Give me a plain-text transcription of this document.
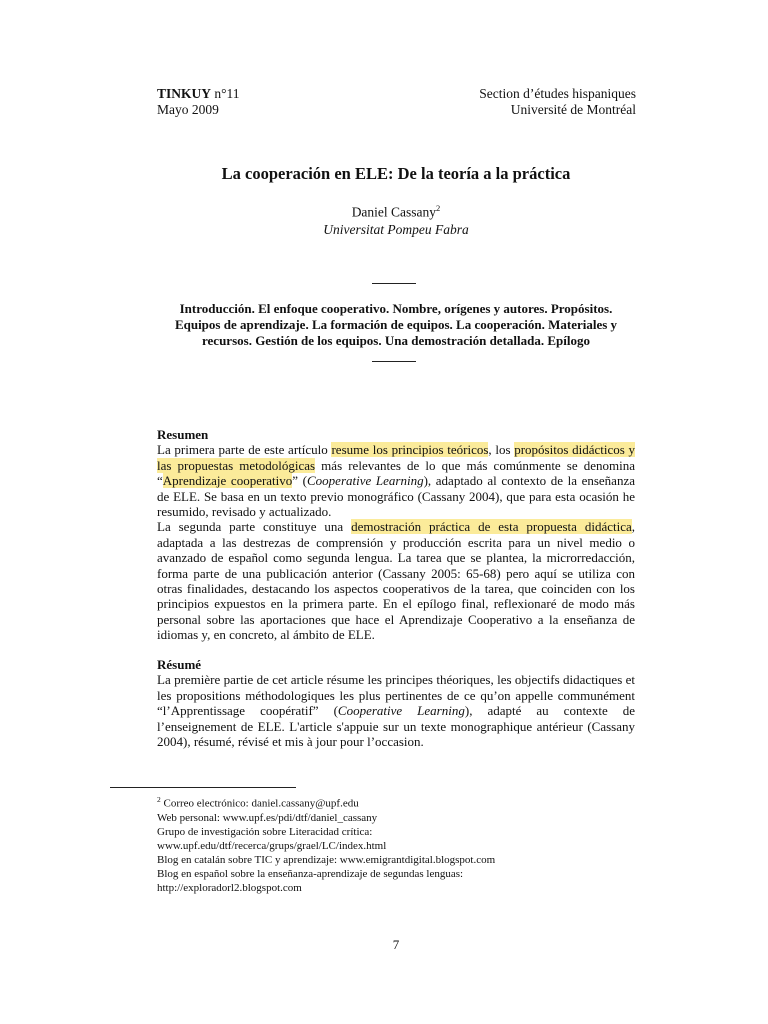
TINKUY n°11
Mayo 2009
Section d’études hispaniques
Université de Montréal
La cooperación en ELE: De la teoría a la práctica
Daniel Cassany$^2$
Universitat Pompeu Fabra
Introducción. El enfoque cooperativo. Nombre, orígenes y autores. Propósitos. Equipos de aprendizaje. La formación de equipos. La cooperación. Materiales y recursos. Gestión de los equipos. Una demostración detallada. Epílogo
Resumen

La primera parte de este artículo resume los principios teóricos, los propósitos didácticos y las propuestas metodológicas más relevantes de lo que más comúnmente se denomina “Aprendizaje cooperativo” (Cooperative Learning), adaptado al contexto de la enseñanza de ELE. Se basa en un texto previo monográfico (Cassany 2004), que para esta ocasión he resumido, revisado y actualizado.

La segunda parte constituye una demostración práctica de esta propuesta didáctica, adaptada a las destrezas de comprensión y producción escrita para un nivel medio o avanzado de español como segunda lengua. La tarea que se plantea, la microrredacción, forma parte de una publicación anterior (Cassany 2005: 65-68) pero aquí se utiliza con otras finalidades, destacando los aspectos cooperativos de la tarea, que coinciden con los principios expuestos en la primera parte. En el epílogo final, reflexionaré de modo más personal sobre las aportaciones que hace el Aprendizaje Cooperativo a la enseñanza de idiomas y, en concreto, al ámbito de ELE.

Résumé

La première partie de cet article résume les principes théoriques, les objectifs didactiques et les propositions méthodologiques les plus pertinentes de ce qu’on appelle communément “l’Apprentissage coopératif” (Cooperative Learning), adapté au contexte de l’enseignement de ELE. L'article s'appuie sur un texte monographique antérieur (Cassany 2004), résumé, révisé et mis à jour pour l’occasion.

$^2$ Correo electrónico: daniel.cassany@upf.edu
Web personal: www.upf.es/pdi/dtf/daniel_cassany
Grupo de investigación sobre Literacidad crítica:
www.upf.edu/dtf/recerca/grups/grael/LC/index.html
Blog en catalán sobre TIC y aprendizaje: www.emigrantdigital.blogspot.com
Blog en español sobre la enseñanza-aprendizaje de segundas lenguas:
http://exploradorl2.blogspot.com
7
